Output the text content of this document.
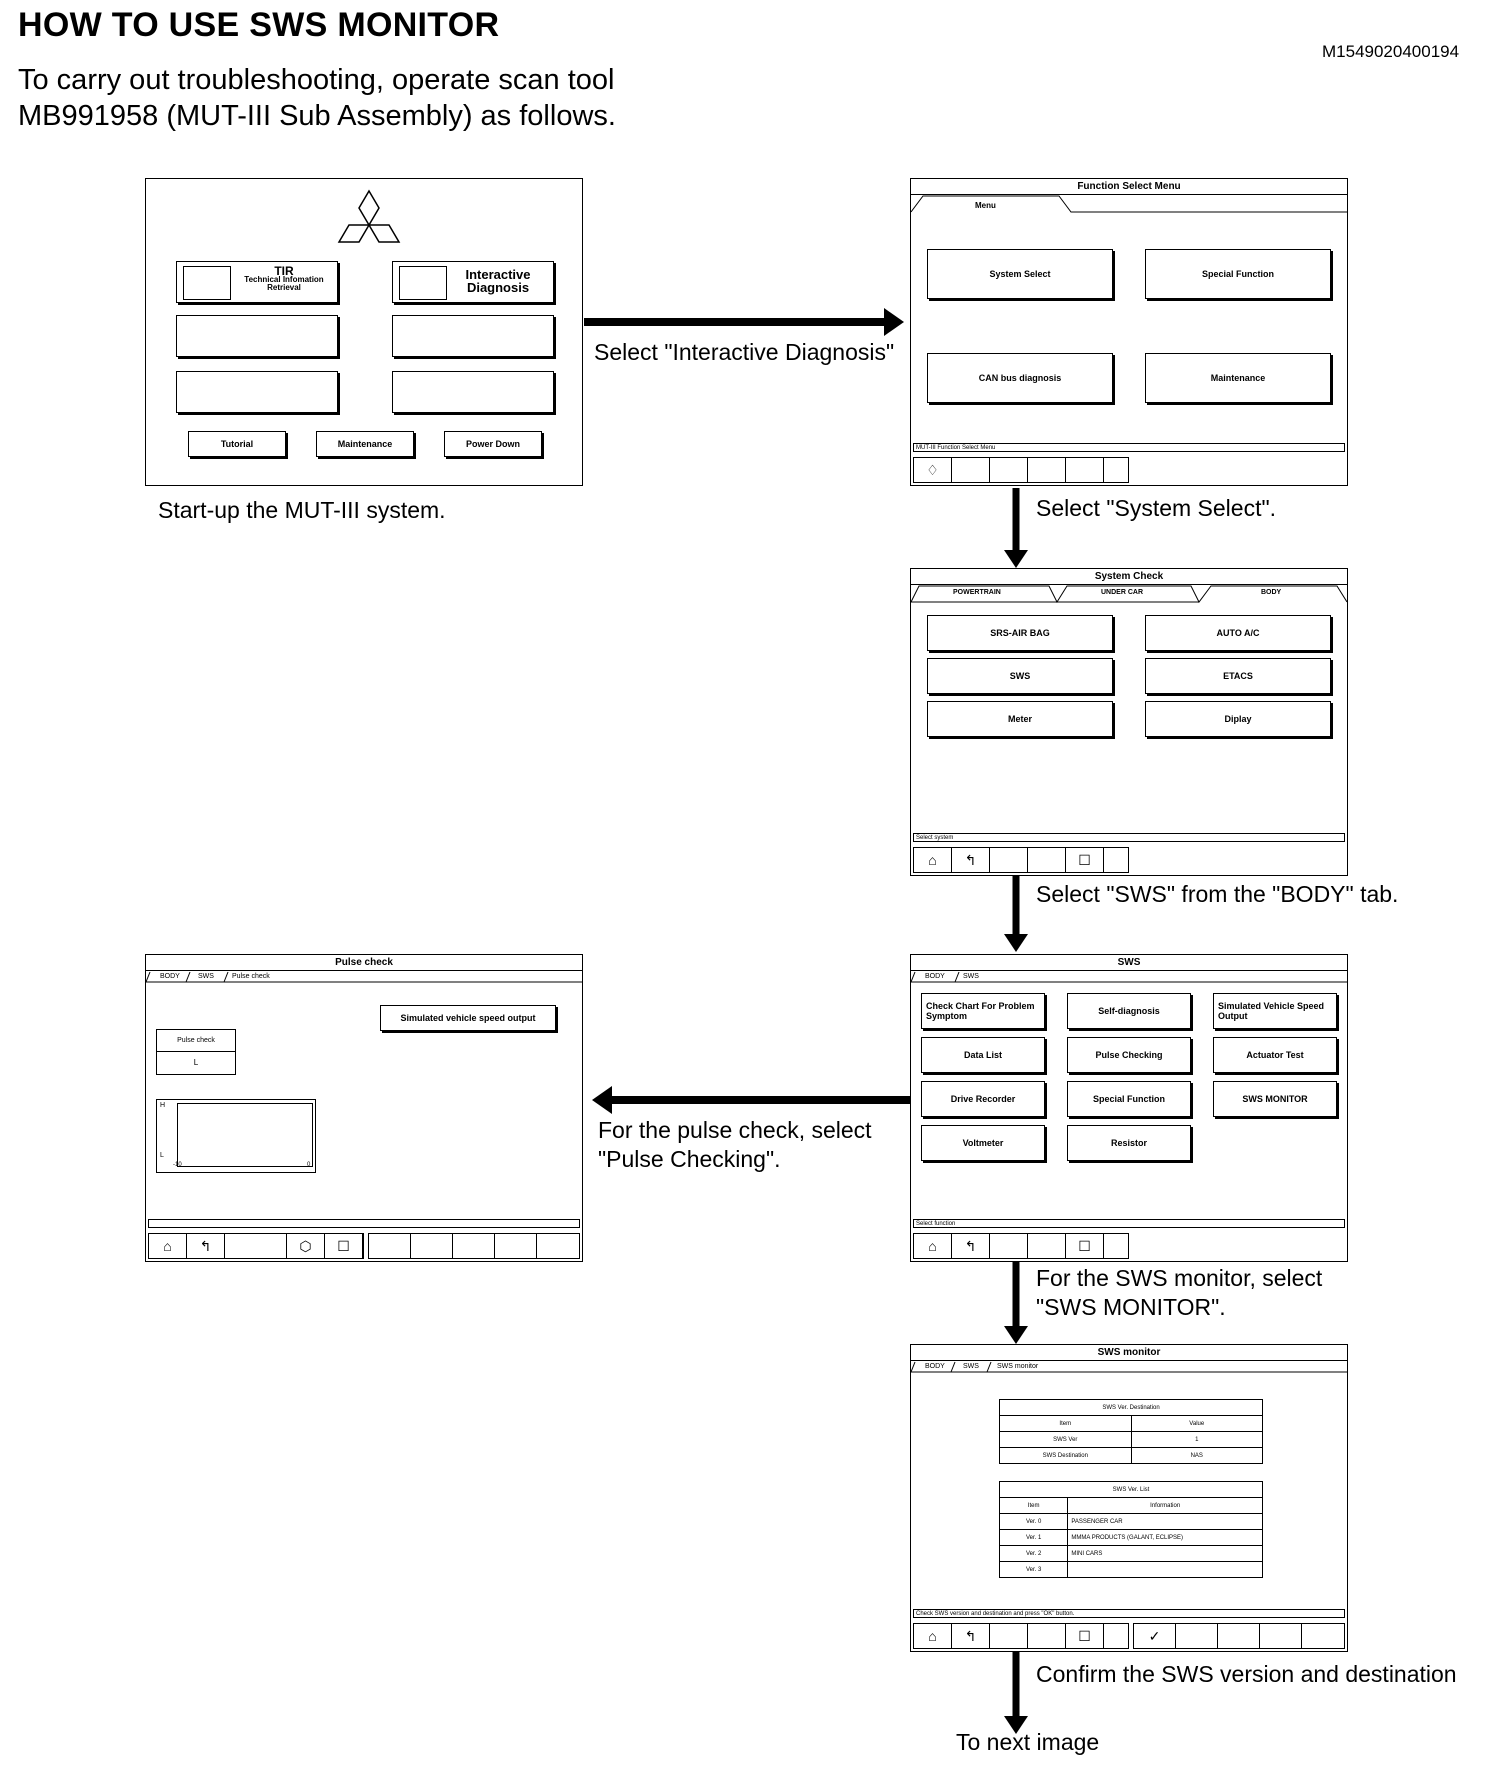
HOW TO USE SWS MONITOR
M1549020400194
To carry out troubleshooting, operate scan tool
MB991958 (MUT-III Sub Assembly) as follows.
TIR
Technical Infomation Retrieval
Interactive Diagnosis
Tutorial	Maintenance	Power Down
Start-up the MUT-III system.
Select "Interactive Diagnosis"
Function Select Menu
Menu
System Select	Special Function
CAN bus diagnosis	Maintenance
MUT-III Function Select Menu
♢
Select "System Select".
System Check
POWERTRAIN	UNDER CAR	BODY
SRS-AIR BAG	AUTO A/C
SWS	ETACS
Meter	Diplay
Select system
⌂	↰	☐
Select "SWS" from the "BODY" tab.
SWS
BODY	SWS
Check Chart For Problem Symptom	Self-diagnosis	Simulated Vehicle Speed Output
Data List	Pulse Checking	Actuator Test
Drive Recorder	Special Function	SWS MONITOR
Voltmeter	Resistor
Select function
⌂	↰	☐
For the pulse check, select
"Pulse Checking".
For the SWS monitor, select
"SWS MONITOR".
Pulse check
BODY	SWS	Pulse check
Simulated vehicle speed output
Pulse check
L
H
L
-10	0
⌂	↰	⬡	☐
SWS monitor
BODY	SWS	SWS monitor
SWS Ver. Destination	
Item	Value
SWS Ver	1
SWS Destination	NAS
SWS Ver. List	
Item	Information
Ver. 0	PASSENGER CAR
Ver. 1	MMMA PRODUCTS (GALANT, ECLIPSE)
Ver. 2	MINI CARS
Ver. 3	
Check SWS version and destination and press "OK" button.
⌂	↰	☐	✓
Confirm the SWS version and destination
To next image
